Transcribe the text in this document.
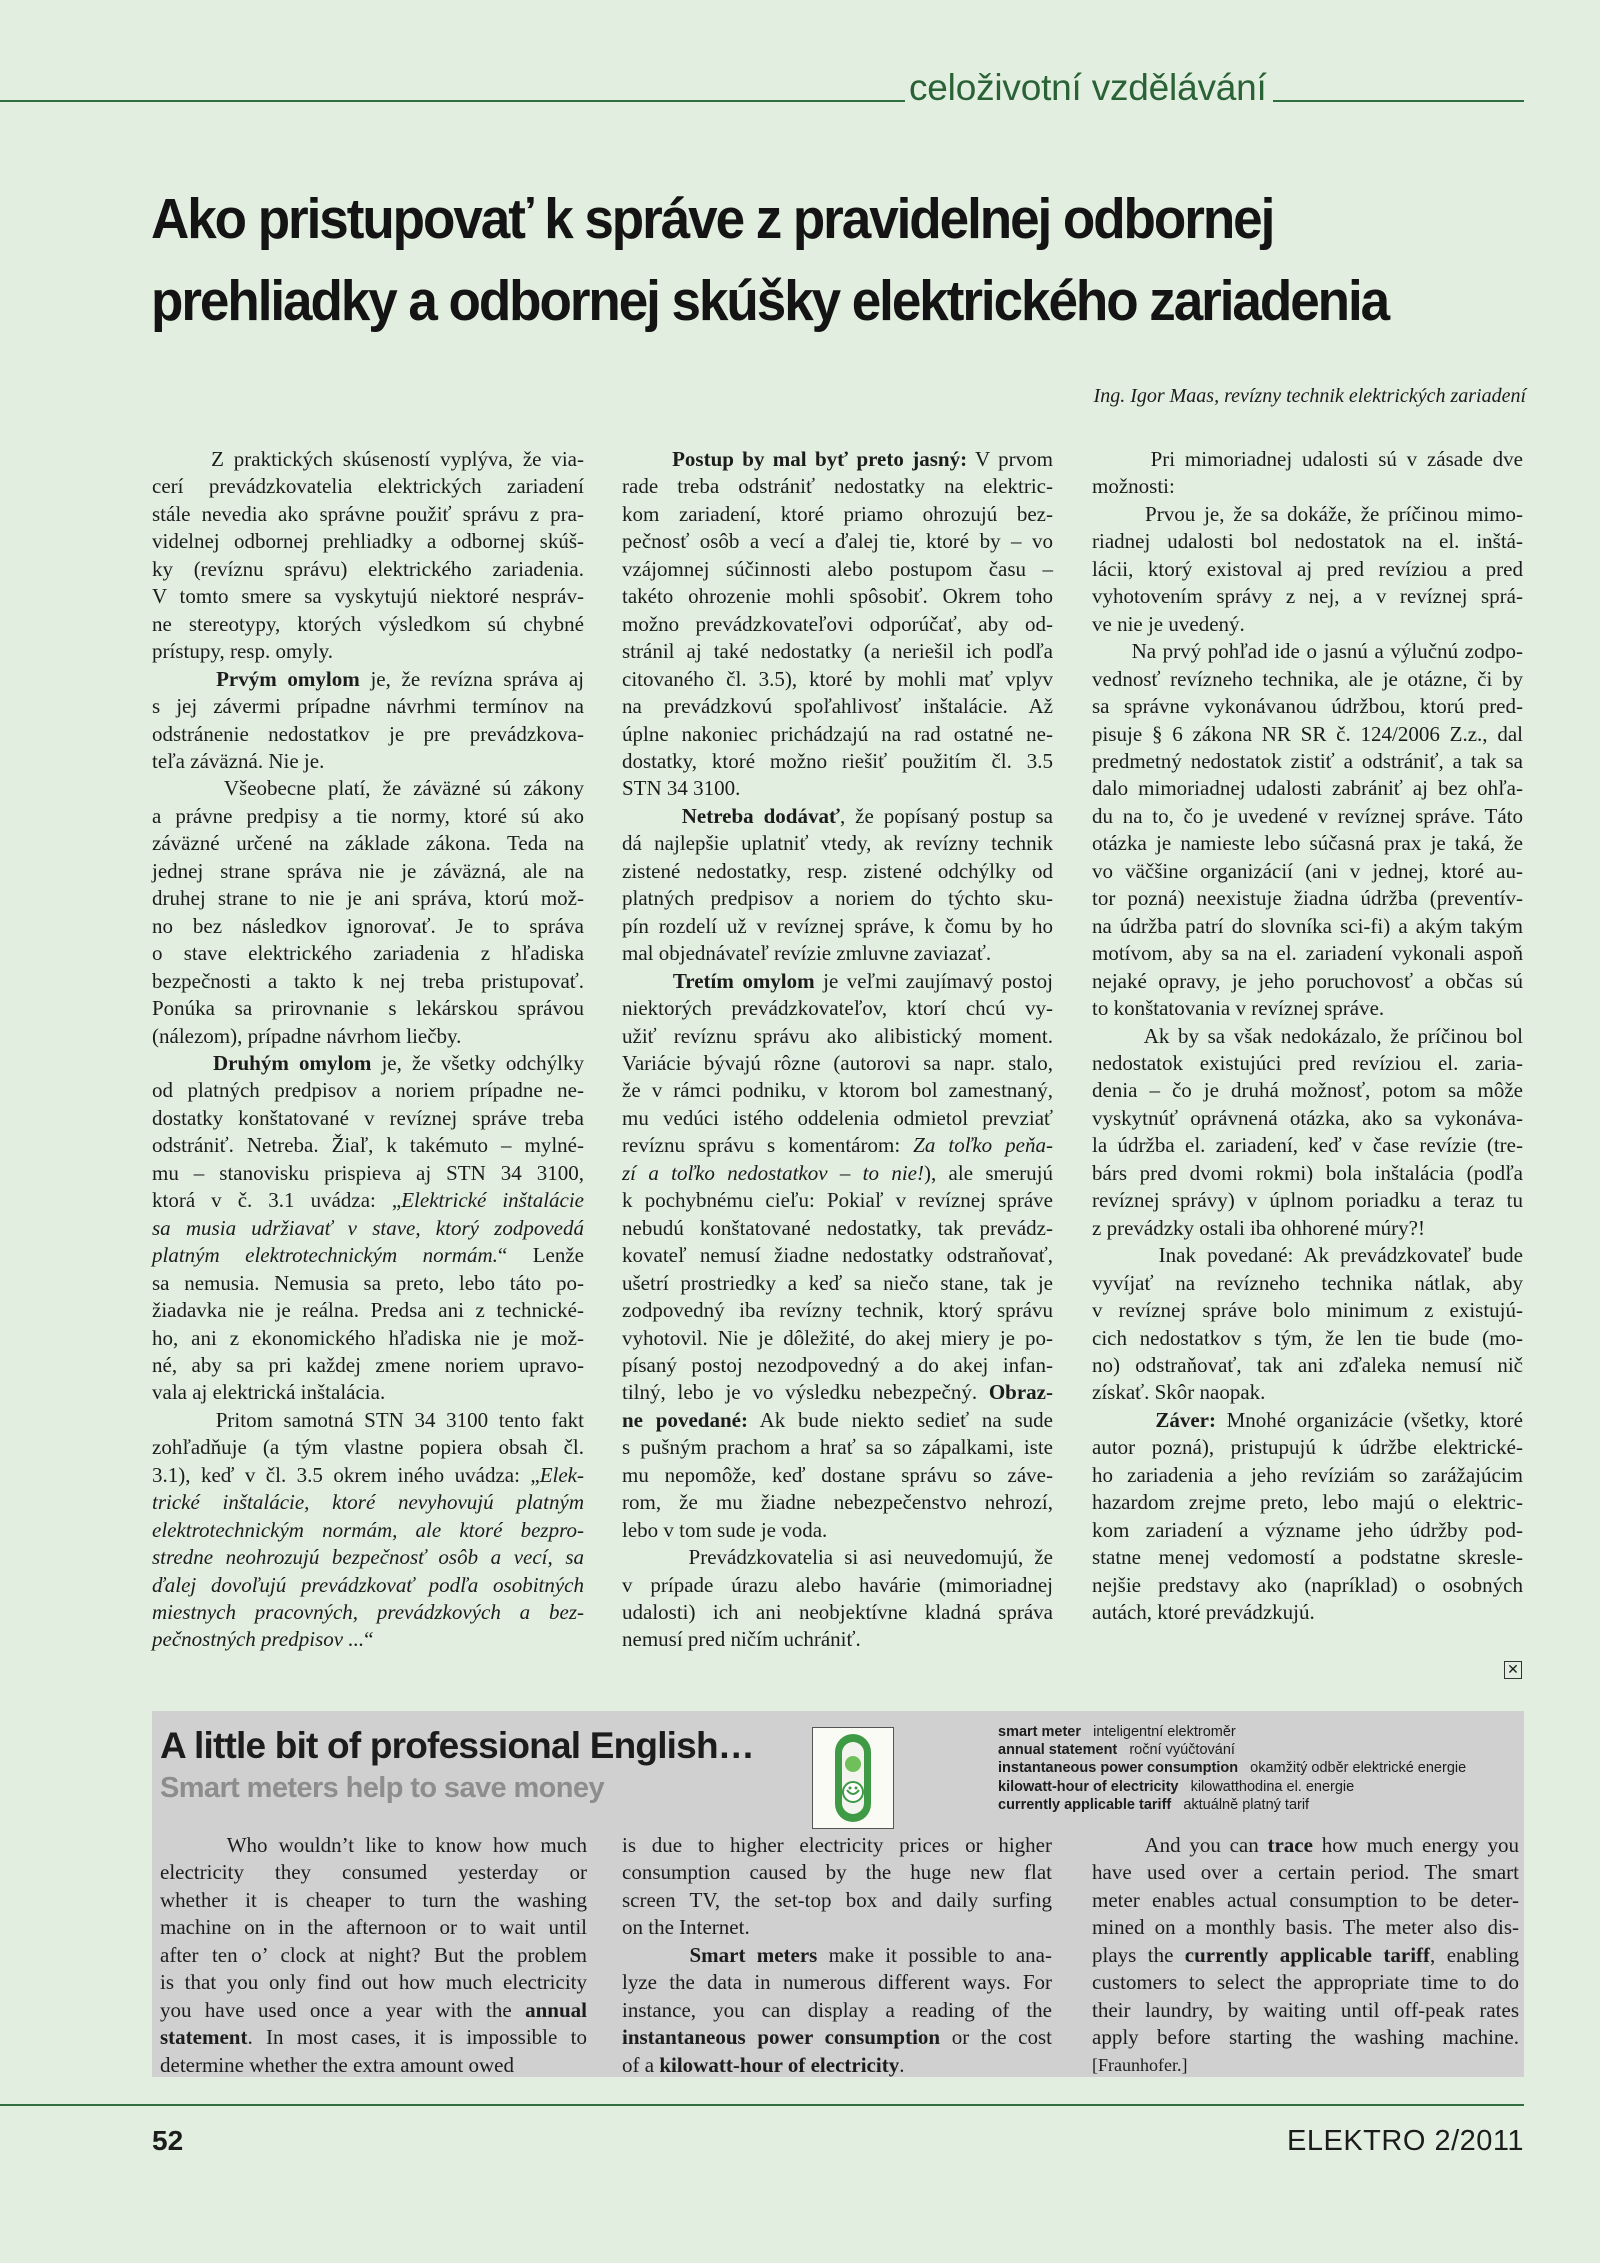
celoživotní vzdělávání
Ako pristupovať k správe z pravidelnej odbornej
prehliadky a odbornej skúšky elektrického zariadenia
Ing. Igor Maas, revízny technik elektrických zariadení

Z praktických skúseností vyplýva, že via-
cerí prevádzkovatelia elektrických zariadení
stále nevedia ako správne použiť správu z pra-
videlnej odbornej prehliadky a odbornej skúš-
ky (revíznu správu) elektrického zariadenia.
V tomto smere sa vyskytujú niektoré nespráv-
ne stereotypy, ktorých výsledkom sú chybné
prístupy, resp. omyly.

Prvým omylom je, že revízna správa aj
s jej závermi prípadne návrhmi termínov na
odstránenie nedostatkov je pre prevádzkova-
teľa záväzná. Nie je.

Všeobecne platí, že záväzné sú zákony
a právne predpisy a tie normy, ktoré sú ako
záväzné určené na základe zákona. Teda na
jednej strane správa nie je záväzná, ale na
druhej strane to nie je ani správa, ktorú mož-
no bez následkov ignorovať. Je to správa
o stave elektrického zariadenia z hľadiska
bezpečnosti a takto k nej treba pristupovať.
Ponúka sa prirovnanie s lekárskou správou
(nálezom), prípadne návrhom liečby.

Druhým omylom je, že všetky odchýlky
od platných predpisov a noriem prípadne ne-
dostatky konštatované v revíznej správe treba
odstrániť. Netreba. Žiaľ, k takémuto – mylné-
mu – stanovisku prispieva aj STN 34 3100,
ktorá v č. 3.1 uvádza: „Elektrické inštalácie
sa musia udržiavať v stave, ktorý zodpovedá
platným elektrotechnickým normám.“ Lenže
sa nemusia. Nemusia sa preto, lebo táto po-
žiadavka nie je reálna. Predsa ani z technické-
ho, ani z ekonomického hľadiska nie je mož-
né, aby sa pri každej zmene noriem upravo-
vala aj elektrická inštalácia.

Pritom samotná STN 34 3100 tento fakt
zohľadňuje (a tým vlastne popiera obsah čl.
3.1), keď v čl. 3.5 okrem iného uvádza: „Elek-
trické inštalácie, ktoré nevyhovujú platným
elektrotechnickým normám, ale ktoré bezpro-
stredne neohrozujú bezpečnosť osôb a vecí, sa
ďalej dovoľujú prevádzkovať podľa osobitných
miestnych pracovných, prevádzkových a bez-
pečnostných predpisov ...“

Postup by mal byť preto jasný: V prvom
rade treba odstrániť nedostatky na elektric-
kom zariadení, ktoré priamo ohrozujú bez-
pečnosť osôb a vecí a ďalej tie, ktoré by – vo
vzájomnej súčinnosti alebo postupom času –
takéto ohrozenie mohli spôsobiť. Okrem toho
možno prevádzkovateľovi odporúčať, aby od-
stránil aj také nedostatky (a neriešil ich podľa
citovaného čl. 3.5), ktoré by mohli mať vplyv
na prevádzkovú spoľahlivosť inštalácie. Až
úplne nakoniec prichádzajú na rad ostatné ne-
dostatky, ktoré možno riešiť použitím čl. 3.5
STN 34 3100.

Netreba dodávať, že popísaný postup sa
dá najlepšie uplatniť vtedy, ak revízny technik
zistené nedostatky, resp. zistené odchýlky od
platných predpisov a noriem do týchto sku-
pín rozdelí už v revíznej správe, k čomu by ho
mal objednávateľ revízie zmluvne zaviazať.

Tretím omylom je veľmi zaujímavý postoj
niektorých prevádzkovateľov, ktorí chcú vy-
užiť revíznu správu ako alibistický moment.
Variácie bývajú rôzne (autorovi sa napr. stalo,
že v rámci podniku, v ktorom bol zamestnaný,
mu vedúci istého oddelenia odmietol prevziať
revíznu správu s komentárom: Za toľko peňa-
zí a toľko nedostatkov – to nie!), ale smerujú
k pochybnému cieľu: Pokiaľ v revíznej správe
nebudú konštatované nedostatky, tak prevádz-
kovateľ nemusí žiadne nedostatky odstraňovať,
ušetrí prostriedky a keď sa niečo stane, tak je
zodpovedný iba revízny technik, ktorý správu
vyhotovil. Nie je dôležité, do akej miery je po-
písaný postoj nezodpovedný a do akej infan-
tilný, lebo je vo výsledku nebezpečný. Obraz-
ne povedané: Ak bude niekto sedieť na sude
s pušným prachom a hrať sa so zápalkami, iste
mu nepomôže, keď dostane správu so záve-
rom, že mu žiadne nebezpečenstvo nehrozí,
lebo v tom sude je voda.

Prevádzkovatelia si asi neuvedomujú, že
v prípade úrazu alebo havárie (mimoriadnej
udalosti) ich ani neobjektívne kladná správa
nemusí pred ničím uchrániť.

Pri mimoriadnej udalosti sú v zásade dve
možnosti:

Prvou je, že sa dokáže, že príčinou mimo-
riadnej udalosti bol nedostatok na el. inštá-
lácii, ktorý existoval aj pred revíziou a pred
vyhotovením správy z nej, a v revíznej sprá-
ve nie je uvedený.

Na prvý pohľad ide o jasnú a výlučnú zodpo-
vednosť revízneho technika, ale je otázne, či by
sa správne vykonávanou údržbou, ktorú pred-
pisuje § 6 zákona NR SR č. 124/2006 Z.z., dal
predmetný nedostatok zistiť a odstrániť, a tak sa
dalo mimoriadnej udalosti zabrániť aj bez ohľa-
du na to, čo je uvedené v revíznej správe. Táto
otázka je namieste lebo súčasná prax je taká, že
vo väčšine organizácií (ani v jednej, ktoré au-
tor pozná) neexistuje žiadna údržba (preventív-
na údržba patrí do slovníka sci-fi) a akým takým
motívom, aby sa na el. zariadení vykonali aspoň
nejaké opravy, je jeho poruchovosť a občas sú
to konštatovania v revíznej správe.

Ak by sa však nedokázalo, že príčinou bol
nedostatok existujúci pred revíziou el. zaria-
denia – čo je druhá možnosť, potom sa môže
vyskytnúť oprávnená otázka, ako sa vykonáva-
la údržba el. zariadení, keď v čase revízie (tre-
bárs pred dvomi rokmi) bola inštalácia (podľa
revíznej správy) v úplnom poriadku a teraz tu
z prevádzky ostali iba ohhorené múry?!

Inak povedané: Ak prevádzkovateľ bude
vyvíjať na revízneho technika nátlak, aby
v revíznej správe bolo minimum z existujú-
cich nedostatkov s tým, že len tie bude (mo-
no) odstraňovať, tak ani zďaleka nemusí nič
získať. Skôr naopak.

Záver: Mnohé organizácie (všetky, ktoré
autor pozná), pristupujú k údržbe elektrické-
ho zariadenia a jeho revíziám so zarážajúcim
hazardom zrejme preto, lebo majú o elektric-
kom zariadení a význame jeho údržby pod-
statne menej vedomostí a podstatne skresle-
nejšie predstavy ako (napríklad) o osobných
autách, ktoré prevádzkujú.

✕
A little bit of professional English…
Smart meters help to save money
smart meter inteligentní elektroměr
annual statement roční vyúčtování
instantaneous power consumption okamžitý odběr elektrické energie
kilowatt-hour of electricity kilowatthodina el. energie
currently applicable tariff aktuálně platný tarif

Who wouldn’t like to know how much
electricity they consumed yesterday or
whether it is cheaper to turn the washing
machine on in the afternoon or to wait until
after ten o’ clock at night? But the problem
is that you only find out how much electricity
you have used once a year with the annual
statement. In most cases, it is impossible to
determine whether the extra amount owed

is due to higher electricity prices or higher
consumption caused by the huge new flat
screen TV, the set-top box and daily surfing
on the Internet.

Smart meters make it possible to ana-
lyze the data in numerous different ways. For
instance, you can display a reading of the
instantaneous power consumption or the cost
of a kilowatt-hour of electricity.

And you can trace how much energy you
have used over a certain period. The smart
meter enables actual consumption to be deter-
mined on a monthly basis. The meter also dis-
plays the currently applicable tariff, enabling
customers to select the appropriate time to do
their laundry, by waiting until off-peak rates
apply before starting the washing machine.
[Fraunhofer.]

52	ELEKTRO 2/2011
